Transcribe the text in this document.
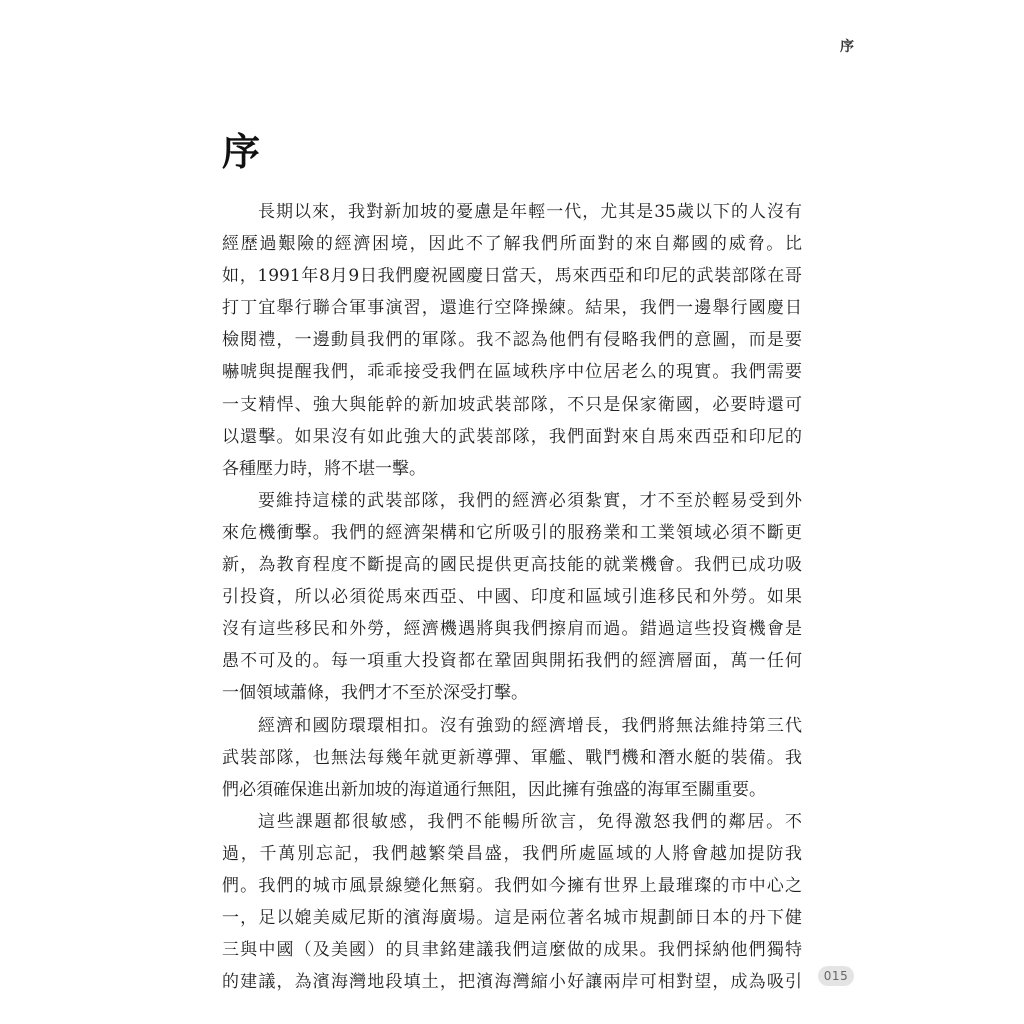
序
序
長期以來，我對新加坡的憂慮是年輕一代，尤其是35歲以下的人沒有
經歷過艱險的經濟困境，因此不了解我們所面對的來自鄰國的威脅。比
如，1991年8月9日我們慶祝國慶日當天，馬來西亞和印尼的武裝部隊在哥
打丁宜舉行聯合軍事演習，還進行空降操練。結果，我們一邊舉行國慶日
檢閱禮，一邊動員我們的軍隊。我不認為他們有侵略我們的意圖，而是要
嚇唬與提醒我們，乖乖接受我們在區域秩序中位居老么的現實。我們需要
一支精悍、強大與能幹的新加坡武裝部隊，不只是保家衛國，必要時還可
以還擊。如果沒有如此強大的武裝部隊，我們面對來自馬來西亞和印尼的
各種壓力時，將不堪一擊。
要維持這樣的武裝部隊，我們的經濟必須紮實，才不至於輕易受到外
來危機衝擊。我們的經濟架構和它所吸引的服務業和工業領域必須不斷更
新，為教育程度不斷提高的國民提供更高技能的就業機會。我們已成功吸
引投資，所以必須從馬來西亞、中國、印度和區域引進移民和外勞。如果
沒有這些移民和外勞，經濟機遇將與我們擦肩而過。錯過這些投資機會是
愚不可及的。每一項重大投資都在鞏固與開拓我們的經濟層面，萬一任何
一個領域蕭條，我們才不至於深受打擊。
經濟和國防環環相扣。沒有強勁的經濟增長，我們將無法維持第三代
武裝部隊，也無法每幾年就更新導彈、軍艦、戰鬥機和潛水艇的裝備。我
們必須確保進出新加坡的海道通行無阻，因此擁有強盛的海軍至關重要。
這些課題都很敏感，我們不能暢所欲言，免得激怒我們的鄰居。不
過，千萬別忘記，我們越繁榮昌盛，我們所處區域的人將會越加提防我
們。我們的城市風景線變化無窮。我們如今擁有世界上最璀璨的市中心之
一，足以媲美威尼斯的濱海廣場。這是兩位著名城市規劃師日本的丹下健
三與中國（及美國）的貝聿銘建議我們這麼做的成果。我們採納他們獨特
的建議，為濱海灣地段填土，把濱海灣縮小好讓兩岸可相對望，成為吸引	015
